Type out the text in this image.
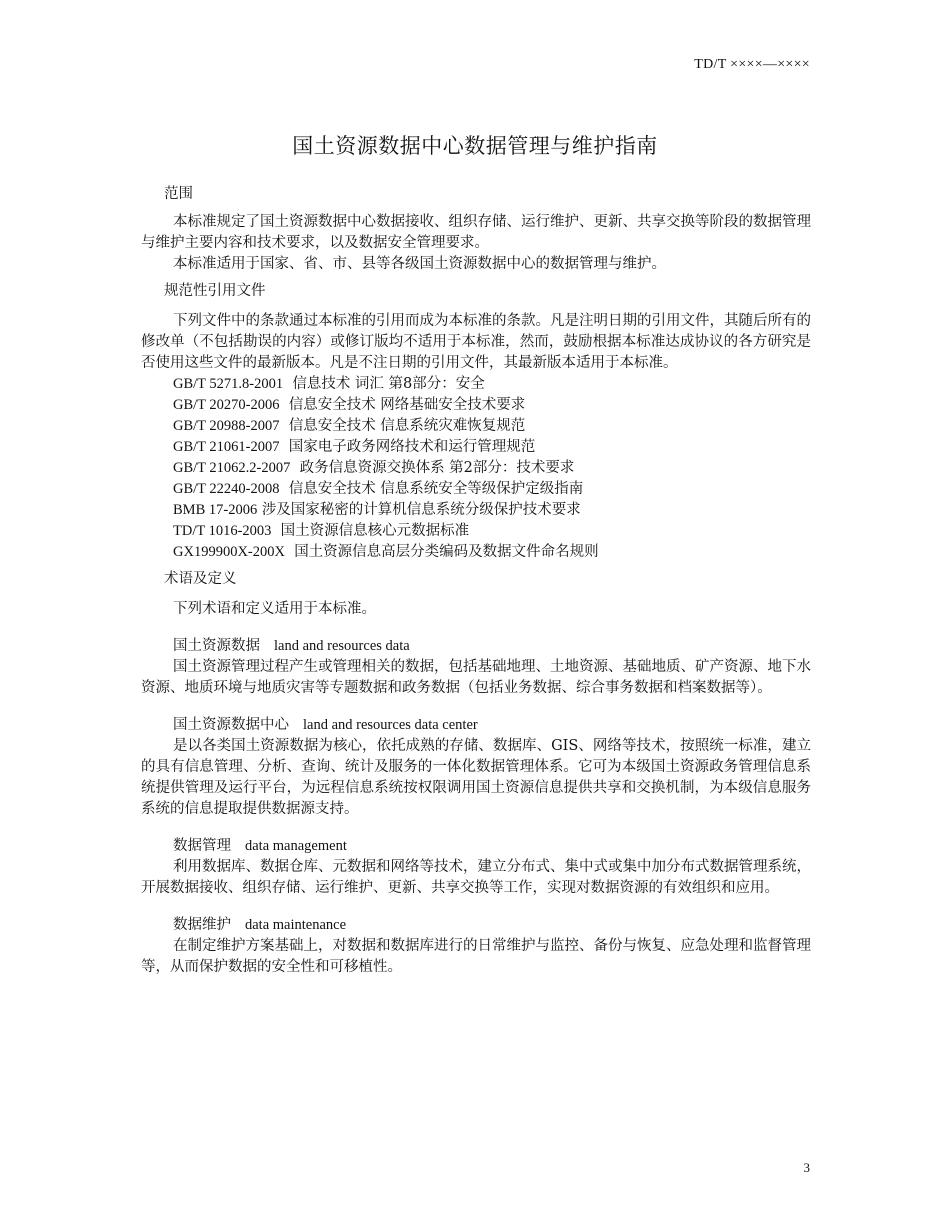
TD/T ××××—××××
国土资源数据中心数据管理与维护指南

范围

本标准规定了国土资源数据中心数据接收、组织存储、运行维护、更新、共享交换等阶段的数据管理与维护主要内容和技术要求，以及数据安全管理要求。

本标准适用于国家、省、市、县等各级国土资源数据中心的数据管理与维护。

规范性引用文件

下列文件中的条款通过本标准的引用而成为本标准的条款。凡是注明日期的引用文件，其随后所有的修改单（不包括勘误的内容）或修订版均不适用于本标准，然而，鼓励根据本标准达成协议的各方研究是否使用这些文件的最新版本。凡是不注日期的引用文件，其最新版本适用于本标准。

GB/T 5271.8-2001 信息技术 词汇 第8部分：安全

GB/T 20270-2006 信息安全技术 网络基础安全技术要求

GB/T 20988-2007 信息安全技术 信息系统灾难恢复规范

GB/T 21061-2007 国家电子政务网络技术和运行管理规范

GB/T 21062.2-2007 政务信息资源交换体系 第2部分：技术要求

GB/T 22240-2008 信息安全技术 信息系统安全等级保护定级指南

BMB 17-2006 涉及国家秘密的计算机信息系统分级保护技术要求

TD/T 1016-2003 国土资源信息核心元数据标准

GX199900X-200X 国土资源信息高层分类编码及数据文件命名规则

术语及定义

下列术语和定义适用于本标准。

国土资源数据 land and resources data

国土资源管理过程产生或管理相关的数据，包括基础地理、土地资源、基础地质、矿产资源、地下水资源、地质环境与地质灾害等专题数据和政务数据（包括业务数据、综合事务数据和档案数据等）。

国土资源数据中心 land and resources data center

是以各类国土资源数据为核心，依托成熟的存储、数据库、GIS、网络等技术，按照统一标准，建立的具有信息管理、分析、查询、统计及服务的一体化数据管理体系。它可为本级国土资源政务管理信息系统提供管理及运行平台，为远程信息系统按权限调用国土资源信息提供共享和交换机制，为本级信息服务系统的信息提取提供数据源支持。

数据管理 data management

利用数据库、数据仓库、元数据和网络等技术，建立分布式、集中式或集中加分布式数据管理系统，开展数据接收、组织存储、运行维护、更新、共享交换等工作，实现对数据资源的有效组织和应用。

数据维护 data maintenance

在制定维护方案基础上，对数据和数据库进行的日常维护与监控、备份与恢复、应急处理和监督管理等，从而保护数据的安全性和可移植性。

3
